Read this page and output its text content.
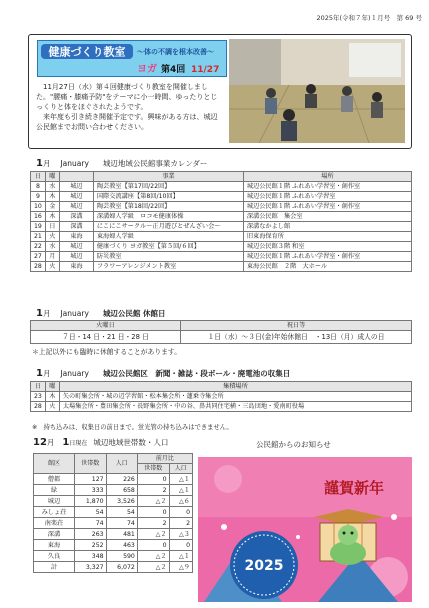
2025年(令和７年)１月号　第 69 号
健康づくり教室 ～体の不調を根本改善～
ヨガ 第4回 11/27

11月27日（水）第４回健康づくり教室を開催しました。"腰痛・膝痛予防"をテーマに小一時間、ゆったりとじっくりと体をほぐされたようです。

来年度も引き続き開催予定です。興味がある方は、城辺公民館までお問い合わせください。

1月 January 城辺地域公民館事業カレンダー
日	曜		事業	場所
8	水	城辺	陶芸教室【第17回/22回】	城辺公民館１階 ふれあい学習室・創作室
9	木	城辺	国際交流講座【第8回/10回】	城辺公民館１階 ふれあい学習室
10	金	城辺	陶芸教室【第18回/22回】	城辺公民館１階 ふれあい学習室・創作室
16	木	深溝	深溝婦人学級　ロコモ健康体操	深溝公民館　集会室
19	日	深溝	にこにこサークル～正月遊びとぜんざい会～	深溝なかよし館
21	火	東海	東海婦人学級	旧東海保育所
22	水	城辺	健康づくり ヨガ教室【第５回/６回】	城辺公民館３階 和室
27	月	城辺	防災教室	城辺公民館１階 ふれあい学習室・創作室
28	火	東海	フラワーアレンジメント教室	東海公民館　２階　大ホール
1月 January 城辺公民館 休館日
火曜日	祝日等
７日・14 日・21 日・28 日	１日（水）～３日(金)年始休館日　・13日（月）成人の日
＊上記以外にも臨時に休館することがあります。
1月 January 城辺公民館区　新聞・雑誌・段ボール・廃電池の収集日
日	曜	集積場所
23	木	矢の町集会所・城の辺学習館・松本集会所・蓮乗寺集会所
28	火	太場集会所・豊田集会所・長野集会所・中の谷、鼻共同住宅横・三島団地・愛南町役場
※　持ち込みは、収集日の前日まで。蛍光管の持ち込みはできません。
12月 1日現在 城辺地域世帯数・人口
館区	世帯数	人口	前月比	
			世帯数	人口
僧都	127	226	0	△１
緑	333	658	2	△１
城辺	1,870	3,526	△２	△６
みしょ荘	54	54	0	0
南楽荘	74	74	2	2
深溝	263	481	△２	△３
東海	252	463	0	0
久良	348	590	△２	△１
計	3,327	6,072	△２	△９
公民館からのお知らせ
2025
謹賀新年
